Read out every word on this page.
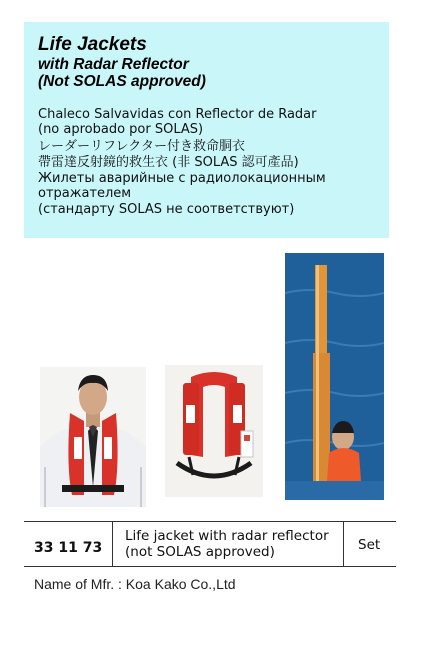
Life Jackets
with Radar Reflector
(Not SOLAS approved)
Chaleco Salvavidas con Reflector de Radar
(no aprobado por SOLAS)
レーダーリフレクター付き救命胴衣
帶雷達反射鏡的救生衣 (非 SOLAS 認可產品)
Жилеты аварийные с радиолокационным
отражателем
(стандарту SOLAS не соответствуют)
33 11 73
Life jacket with radar reflector
(not SOLAS approved)	Set
Name of Mfr. : Koa Kako Co.,Ltd
